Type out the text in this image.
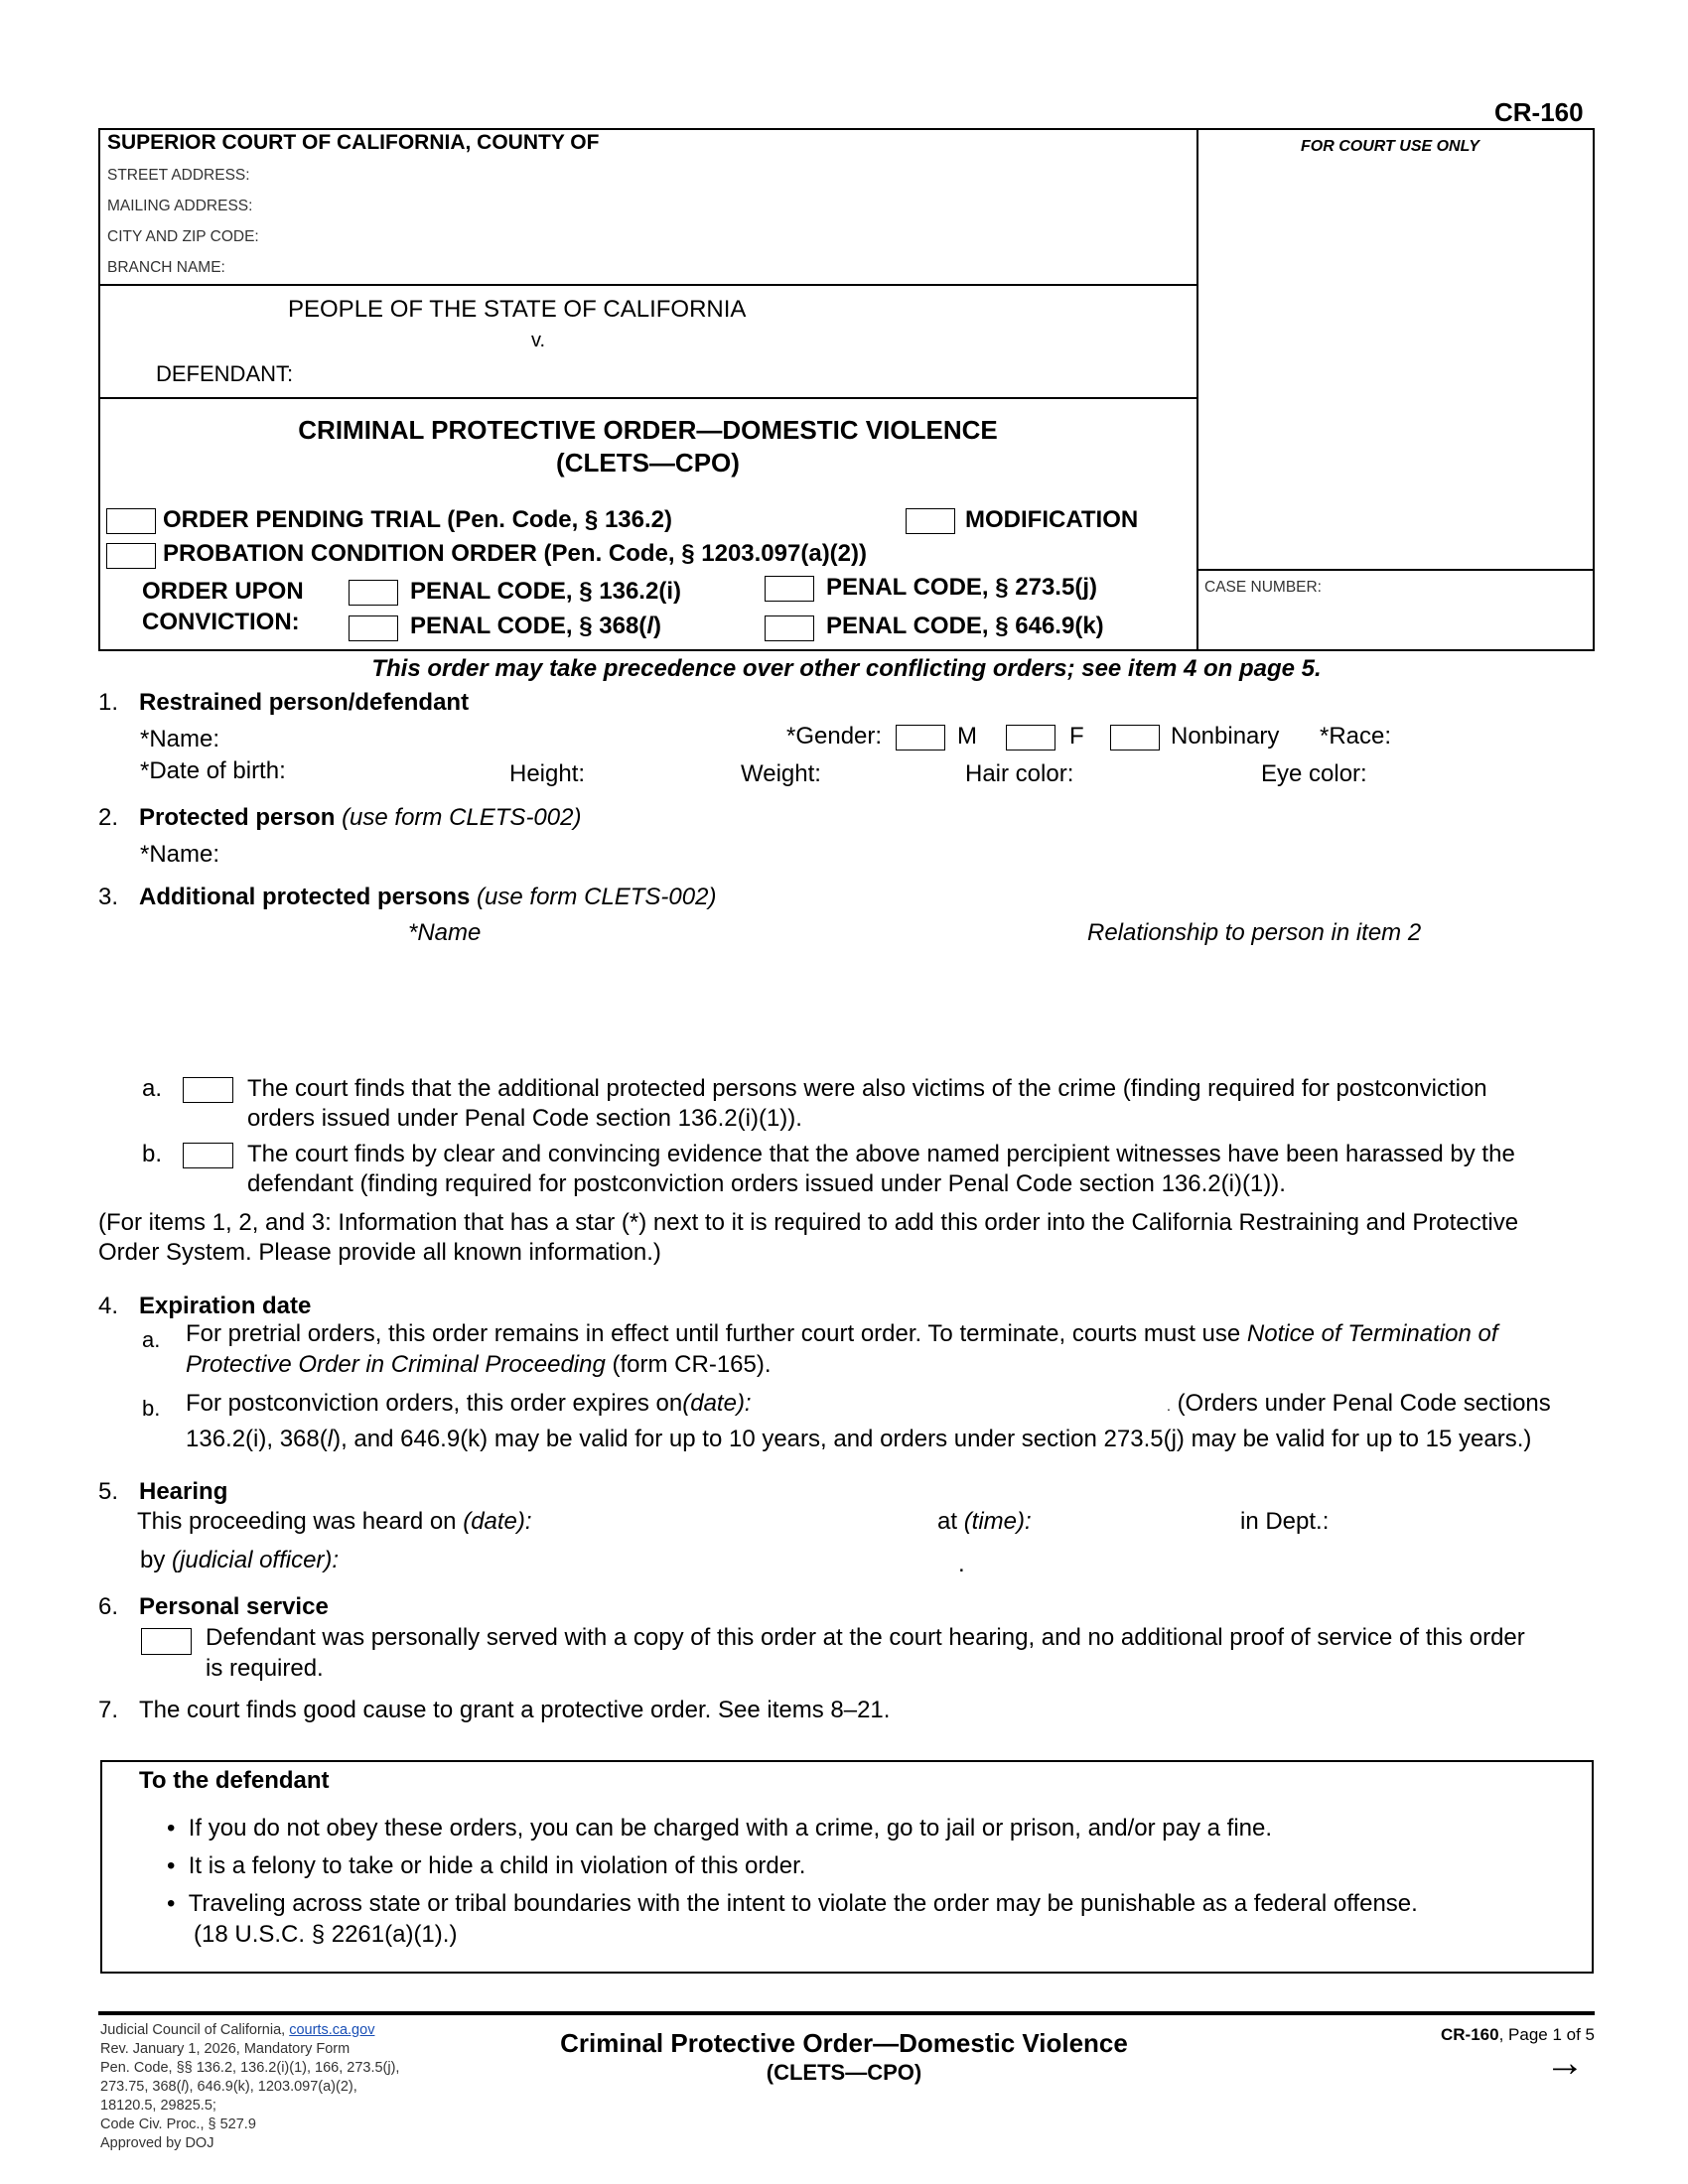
CR-160
SUPERIOR COURT OF CALIFORNIA, COUNTY OF
STREET ADDRESS:
MAILING ADDRESS:
CITY AND ZIP CODE:
BRANCH NAME:
FOR COURT USE ONLY
PEOPLE OF THE STATE OF CALIFORNIA
v.
DEFENDANT:
CRIMINAL PROTECTIVE ORDER—DOMESTIC VIOLENCE
(CLETS—CPO)
ORDER PENDING TRIAL (Pen. Code, § 136.2)	MODIFICATION
PROBATION CONDITION ORDER (Pen. Code, § 1203.097(a)(2))
ORDER UPON
CONVICTION:
PENAL CODE, § 136.2(i)	PENAL CODE, § 273.5(j)
PENAL CODE, § 368(l)	PENAL CODE, § 646.9(k)
CASE NUMBER:
This order may take precedence over other conflicting orders; see item 4 on page 5.
1. Restrained person/defendant
*Name:	*Gender:	M	F	Nonbinary *Race:
*Date of birth:	Height:	Weight:	Hair color:	Eye color:
2. Protected person (use form CLETS-002)
*Name:
3. Additional protected persons (use form CLETS-002)
*Name	Relationship to person in item 2
a.	The court finds that the additional protected persons were also victims of the crime (finding required for postconviction
orders issued under Penal Code section 136.2(i)(1)).
b.	The court finds by clear and convincing evidence that the above named percipient witnesses have been harassed by the
defendant (finding required for postconviction orders issued under Penal Code section 136.2(i)(1)).
(For items 1, 2, and 3: Information that has a star (*) next to it is required to add this order into the California Restraining and Protective
Order System. Please provide all known information.)
4. Expiration date
a. For pretrial orders, this order remains in effect until further court order. To terminate, courts must use Notice of Termination of
Protective Order in Criminal Proceeding (form CR-165).
b. For postconviction orders, this order expires on(date):	. (Orders under Penal Code sections
136.2(i), 368(l), and 646.9(k) may be valid for up to 10 years, and orders under section 273.5(j) may be valid for up to 15 years.)
5. Hearing
This proceeding was heard on (date):	at (time):	in Dept.:
by (judicial officer):	.
6. Personal service
Defendant was personally served with a copy of this order at the court hearing, and no additional proof of service of this order
is required.
7. The court finds good cause to grant a protective order. See items 8–21.
To the defendant
•  If you do not obey these orders, you can be charged with a crime, go to jail or prison, and/or pay a fine.
•  It is a felony to take or hide a child in violation of this order.
•  Traveling across state or tribal boundaries with the intent to violate the order may be punishable as a federal offense.
(18 U.S.C. § 2261(a)(1).)
Judicial Council of California, courts.ca.gov
Rev. January 1, 2026, Mandatory Form
Pen. Code, §§ 136.2, 136.2(i)(1), 166, 273.5(j),
273.75, 368(l), 646.9(k), 1203.097(a)(2),
18120.5, 29825.5;
Code Civ. Proc., § 527.9
Approved by DOJ
Criminal Protective Order—Domestic Violence
(CLETS—CPO)
CR-160, Page 1 of 5
→
